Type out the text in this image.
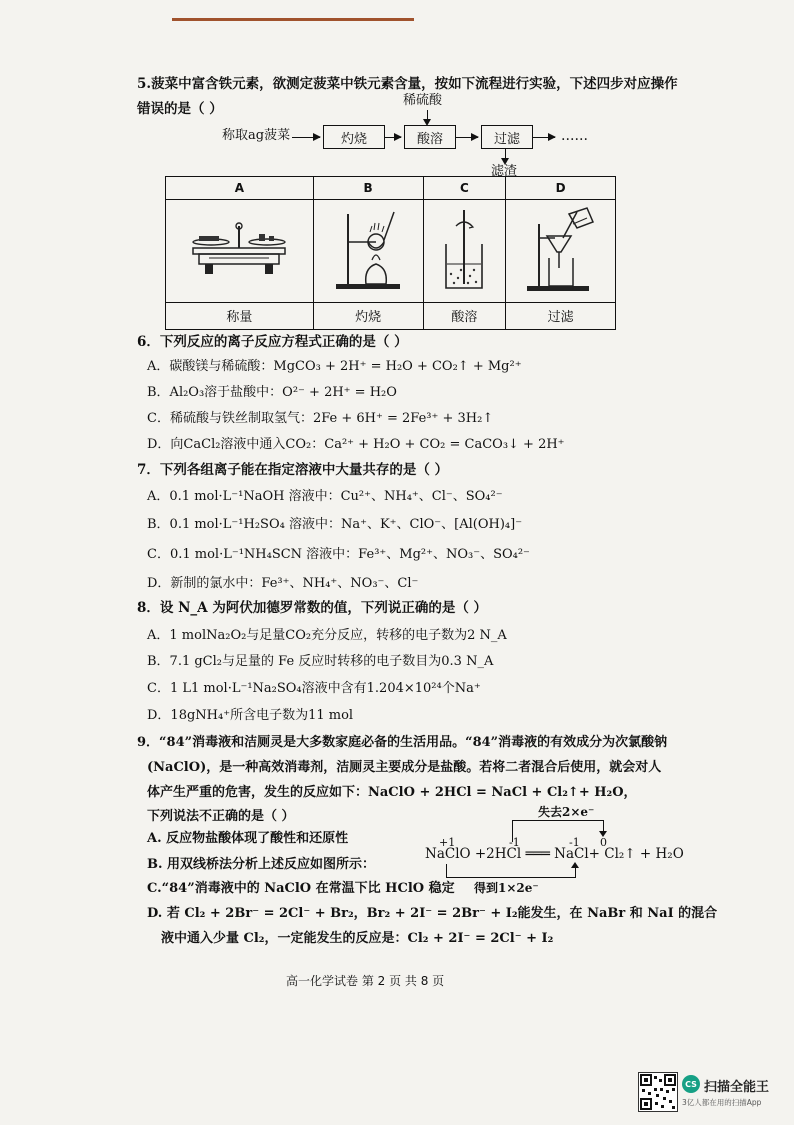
5.菠菜中富含铁元素，欲测定菠菜中铁元素含量，按如下流程进行实验，下述四步对应操作
错误的是（ ）
稀硫酸
称取ag菠菜	灼烧	酸溶	过滤	……
滤渣
A	B	C	D

称量	灼烧	酸溶	过滤
6．下列反应的离子反应方程式正确的是（ ）
A．碳酸镁与稀硫酸：MgCO₃ + 2H⁺ = H₂O + CO₂↑ + Mg²⁺
B．Al₂O₃溶于盐酸中：O²⁻ + 2H⁺ = H₂O
C．稀硫酸与铁丝制取氢气：2Fe + 6H⁺ = 2Fe³⁺ + 3H₂↑
D．向CaCl₂溶液中通入CO₂：Ca²⁺ + H₂O + CO₂ = CaCO₃↓ + 2H⁺
7．下列各组离子能在指定溶液中大量共存的是（ ）
A．0.1 mol·L⁻¹NaOH 溶液中：Cu²⁺、NH₄⁺、Cl⁻、SO₄²⁻
B．0.1 mol·L⁻¹H₂SO₄ 溶液中：Na⁺、K⁺、ClO⁻、[Al(OH)₄]⁻
C．0.1 mol·L⁻¹NH₄SCN 溶液中：Fe³⁺、Mg²⁺、NO₃⁻、SO₄²⁻
D．新制的氯水中：Fe³⁺、NH₄⁺、NO₃⁻、Cl⁻
8．设 N_A 为阿伏加德罗常数的值，下列说正确的是（ ）
A．1 molNa₂O₂与足量CO₂充分反应，转移的电子数为2 N_A
B．7.1 gCl₂与足量的 Fe 反应时转移的电子数目为0.3 N_A
C．1 L1 mol·L⁻¹Na₂SO₄溶液中含有1.204×10²⁴个Na⁺
D．18gNH₄⁺所含电子数为11 mol
9．“84”消毒液和洁厕灵是大多数家庭必备的生活用品。“84”消毒液的有效成分为次氯酸钠
(NaClO)，是一种高效消毒剂，洁厕灵主要成分是盐酸。若将二者混合后使用，就会对人
体产生严重的危害，发生的反应如下：NaClO + 2HCl = NaCl + Cl₂↑+ H₂O，
下列说法不正确的是（ ）
A. 反应物盐酸体现了酸性和还原性
B. 用双线桥法分析上述反应如图所示：
C.“84”消毒液中的 NaClO 在常温下比 HClO 稳定
D. 若 Cl₂ + 2Br⁻ = 2Cl⁻ + Br₂，Br₂ + 2I⁻ = 2Br⁻ + I₂能发生，在 NaBr 和 NaI 的混合
液中通入少量 Cl₂，一定能发生的反应是：Cl₂ + 2I⁻ = 2Cl⁻ + I₂
失去2×e⁻
+1	-1	-1 0
NaClO +2HCl ═══ NaCl+ Cl₂↑ + H₂O
得到1×2e⁻
高一化学试卷 第 2 页 共 8 页
CS 扫描全能王
3亿人都在用的扫描App
